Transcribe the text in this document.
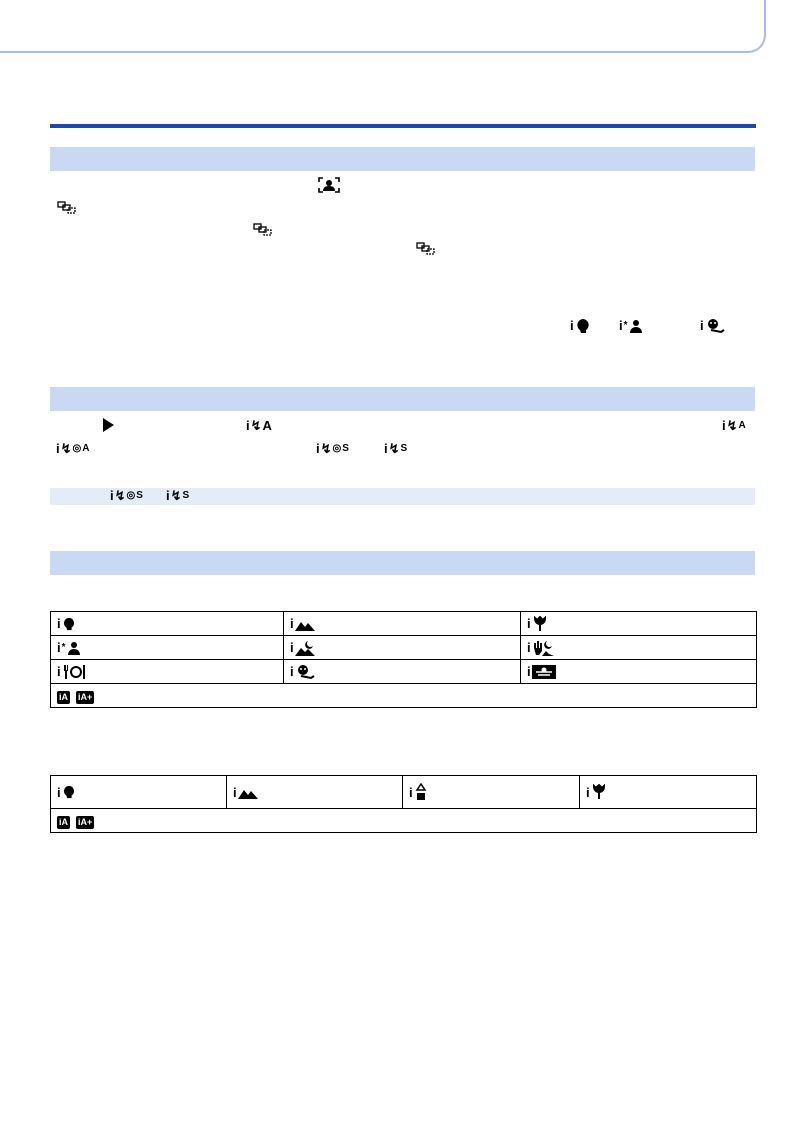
i	i *	i
i ↯ A	i ↯ A
i ↯ ◎ A	i ↯ ◎ S	i ↯ S
i ↯ ◎ S i ↯ S
i	i	i

i *	i	i

i	i	i

iA iA+		
i	i	i	i

iA iA+
